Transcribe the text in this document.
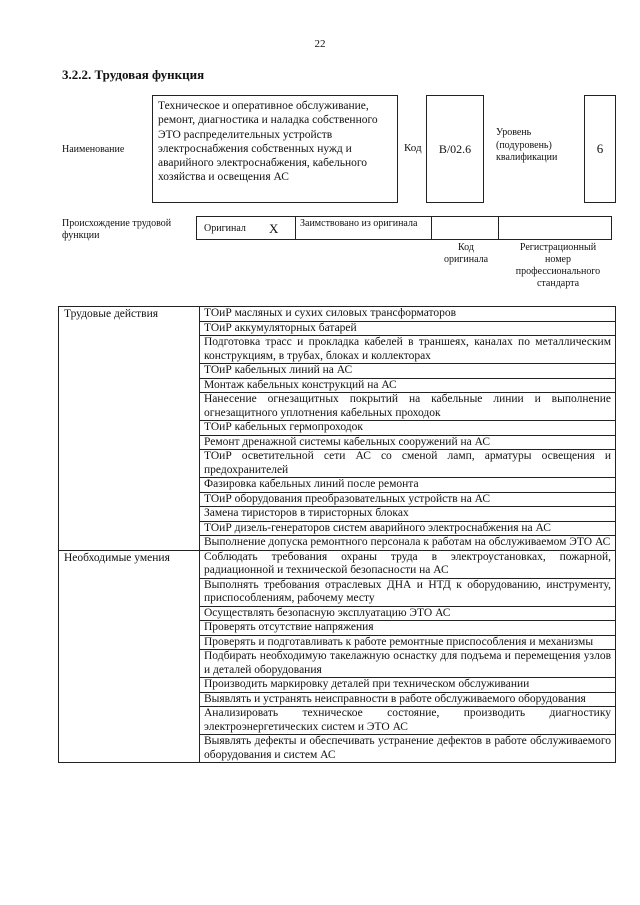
22
3.2.2. Трудовая функция
Наименование
Техническое и оперативное обслуживание, ремонт, диагностика и наладка собственного ЭТО распределительных устройств электроснабжения собственных нужд и аварийного электроснабжения, кабельного хозяйства и освещения АС
Код	B/02.6
Уровень (подуровень) квалификации
6
Происхождение трудовой функции
Оригинал X Заимствовано из оригинала
Код оригинала
Регистрационный номер профессионального стандарта
Трудовые действия	ТОиР масляных и сухих силовых трансформаторов
	ТОиР аккумуляторных батарей
	Подготовка трасс и прокладка кабелей в траншеях, каналах по металлическим конструкциям, в трубах, блоках и коллекторах
	ТОиР кабельных линий на АС
	Монтаж кабельных конструкций на АС
	Нанесение огнезащитных покрытий на кабельные линии и выполнение огнезащитного уплотнения кабельных проходок
	ТОиР кабельных гермопроходок
	Ремонт дренажной системы кабельных сооружений на АС
	ТОиР осветительной сети АС со сменой ламп, арматуры освещения и предохранителей
	Фазировка кабельных линий после ремонта
	ТОиР оборудования преобразовательных устройств на АС
	Замена тиристоров в тиристорных блоках
	ТОиР дизель-генераторов систем аварийного электроснабжения на АС
	Выполнение допуска ремонтного персонала к работам на обслуживаемом ЭТО АС
Необходимые умения	Соблюдать требования охраны труда в электроустановках, пожарной, радиационной и технической безопасности на АС
	Выполнять требования отраслевых ДНА и НТД к оборудованию, инструменту, приспособлениям, рабочему месту
	Осуществлять безопасную эксплуатацию ЭТО АС
	Проверять отсутствие напряжения
	Проверять и подготавливать к работе ремонтные приспособления и механизмы
	Подбирать необходимую такелажную оснастку для подъема и перемещения узлов и деталей оборудования
	Производить маркировку деталей при техническом обслуживании
	Выявлять и устранять неисправности в работе обслуживаемого оборудования
	Анализировать техническое состояние, производить диагностику электроэнергетических систем и ЭТО АС
	Выявлять дефекты и обеспечивать устранение дефектов в работе обслуживаемого оборудования и систем АС
